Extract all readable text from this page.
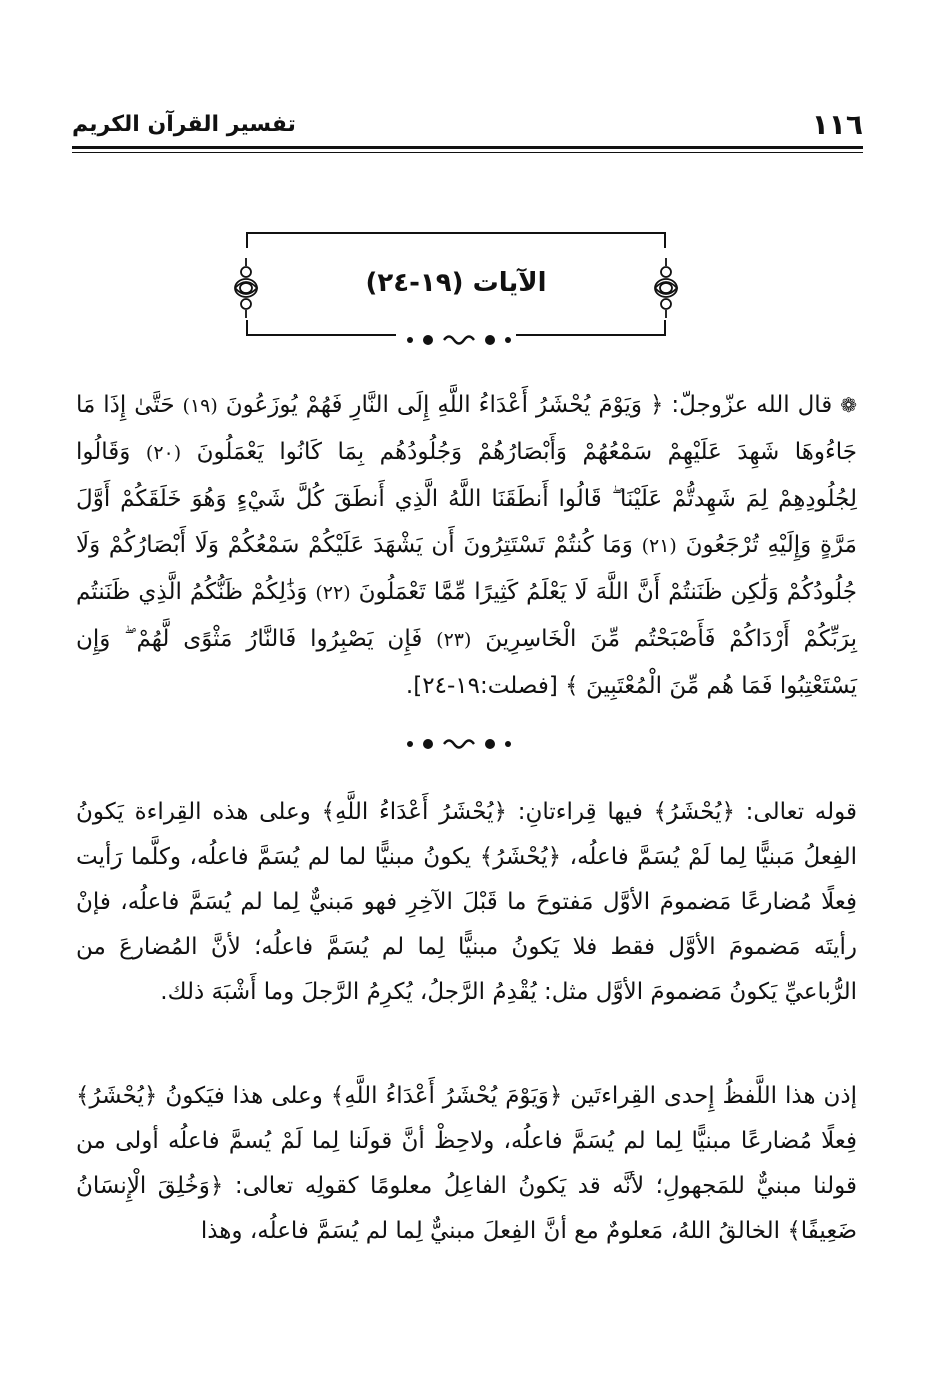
١١٦
تفسير القرآن الكريم
الآيات (١٩-٢٤)
❁ قال الله عزّوجلّ: ﴿ وَيَوْمَ يُحْشَرُ أَعْدَاءُ اللَّهِ إِلَى النَّارِ فَهُمْ يُوزَعُونَ (١٩) حَتَّىٰ إِذَا مَا جَاءُوهَا شَهِدَ عَلَيْهِمْ سَمْعُهُمْ وَأَبْصَارُهُمْ وَجُلُودُهُم بِمَا كَانُوا يَعْمَلُونَ (٢٠) وَقَالُوا لِجُلُودِهِمْ لِمَ شَهِدتُّمْ عَلَيْنَا ۖ قَالُوا أَنطَقَنَا اللَّهُ الَّذِي أَنطَقَ كُلَّ شَيْءٍ وَهُوَ خَلَقَكُمْ أَوَّلَ مَرَّةٍ وَإِلَيْهِ تُرْجَعُونَ (٢١) وَمَا كُنتُمْ تَسْتَتِرُونَ أَن يَشْهَدَ عَلَيْكُمْ سَمْعُكُمْ وَلَا أَبْصَارُكُمْ وَلَا جُلُودُكُمْ وَلَٰكِن ظَنَنتُمْ أَنَّ اللَّهَ لَا يَعْلَمُ كَثِيرًا مِّمَّا تَعْمَلُونَ (٢٢) وَذَٰلِكُمْ ظَنُّكُمُ الَّذِي ظَنَنتُم بِرَبِّكُمْ أَرْدَاكُمْ فَأَصْبَحْتُم مِّنَ الْخَاسِرِينَ (٢٣) فَإِن يَصْبِرُوا فَالنَّارُ مَثْوًى لَّهُمْ ۖ وَإِن يَسْتَعْتِبُوا فَمَا هُم مِّنَ الْمُعْتَبِينَ ﴾ [فصلت:١٩-٢٤].

قوله تعالى: ﴿يُحْشَرُ﴾ فيها قِراءتانِ: ﴿يُحْشَرُ أَعْدَاءُ اللَّهِ﴾ وعلى هذه القِراءة يَكونُ الفِعلُ مَبنيًّا لِما لَمْ يُسَمَّ فاعلُه، ﴿يُحْشَرُ﴾ يكونُ مبنيًّا لما لم يُسَمَّ فاعلُه، وكلَّما رَأيت فِعلًا مُضارعًا مَضمومَ الأوَّل مَفتوحَ ما قَبْلَ الآخِرِ فهو مَبنيٌّ لِما لم يُسَمَّ فاعلُه، فإنْ رأيتَه مَضمومَ الأوَّل فقط فلا يَكونُ مبنيًّا لِما لم يُسَمَّ فاعلُه؛ لأنَّ المُضارعَ من الرُّباعيِّ يَكونُ مَضمومَ الأوَّل مثل: يُقْدِمُ الرَّجلُ، يُكرِمُ الرَّجلَ وما أَشْبَهَ ذلك.

إذن هذا اللَّفظُ إِحدى القِراءتَين ﴿وَيَوْمَ يُحْشَرُ أَعْدَاءُ اللَّهِ﴾ وعلى هذا فيَكونُ ﴿يُحْشَرُ﴾ فِعلًا مُضارعًا مبنيًّا لِما لم يُسَمَّ فاعلُه، ولاحِظْ أنَّ قولَنا لِما لَمْ يُسمَّ فاعلُه أولى من قولنا مبنيٌّ للمَجهولِ؛ لأنَّه قد يَكونُ الفاعِلُ معلومًا كقولِه تعالى: ﴿وَخُلِقَ الْإِنسَانُ ضَعِيفًا﴾ الخالقُ اللهُ، مَعلومٌ مع أنَّ الفِعلَ مبنيٌّ لِما لم يُسَمَّ فاعلُه، وهذا
